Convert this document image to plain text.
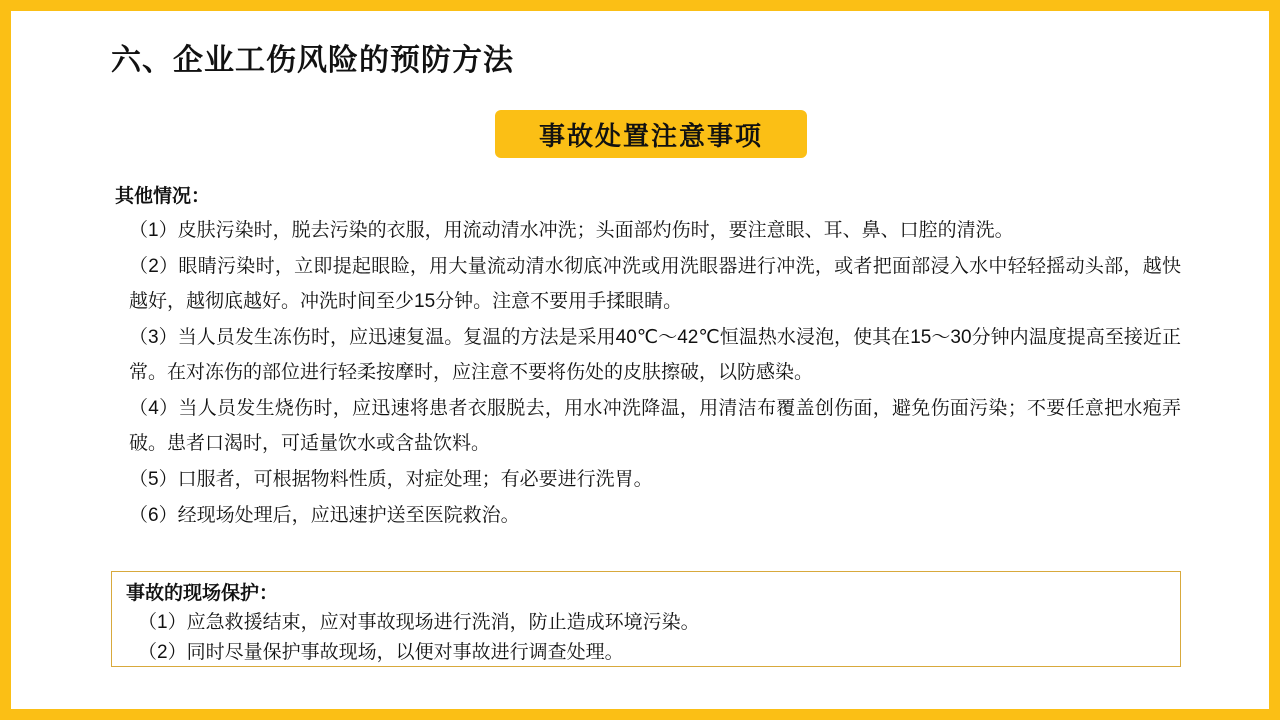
六、企业工伤风险的预防方法
事故处置注意事项
其他情况：

（1）皮肤污染时，脱去污染的衣服，用流动清水冲洗；头面部灼伤时，要注意眼、耳、鼻、口腔的清洗。

（2）眼睛污染时，立即提起眼睑，用大量流动清水彻底冲洗或用洗眼器进行冲洗，或者把面部浸入水中轻轻摇动头部，越快越好，越彻底越好。冲洗时间至少15分钟。注意不要用手揉眼睛。

（3）当人员发生冻伤时，应迅速复温。复温的方法是采用40℃～42℃恒温热水浸泡，使其在15～30分钟内温度提高至接近正常。在对冻伤的部位进行轻柔按摩时，应注意不要将伤处的皮肤擦破，以防感染。

（4）当人员发生烧伤时，应迅速将患者衣服脱去，用水冲洗降温，用清洁布覆盖创伤面，避免伤面污染；不要任意把水疱弄破。患者口渴时，可适量饮水或含盐饮料。

（5）口服者，可根据物料性质，对症处理；有必要进行洗胃。

（6）经现场处理后，应迅速护送至医院救治。

事故的现场保护：
（1）应急救援结束，应对事故现场进行洗消，防止造成环境污染。
（2）同时尽量保护事故现场，以便对事故进行调查处理。
